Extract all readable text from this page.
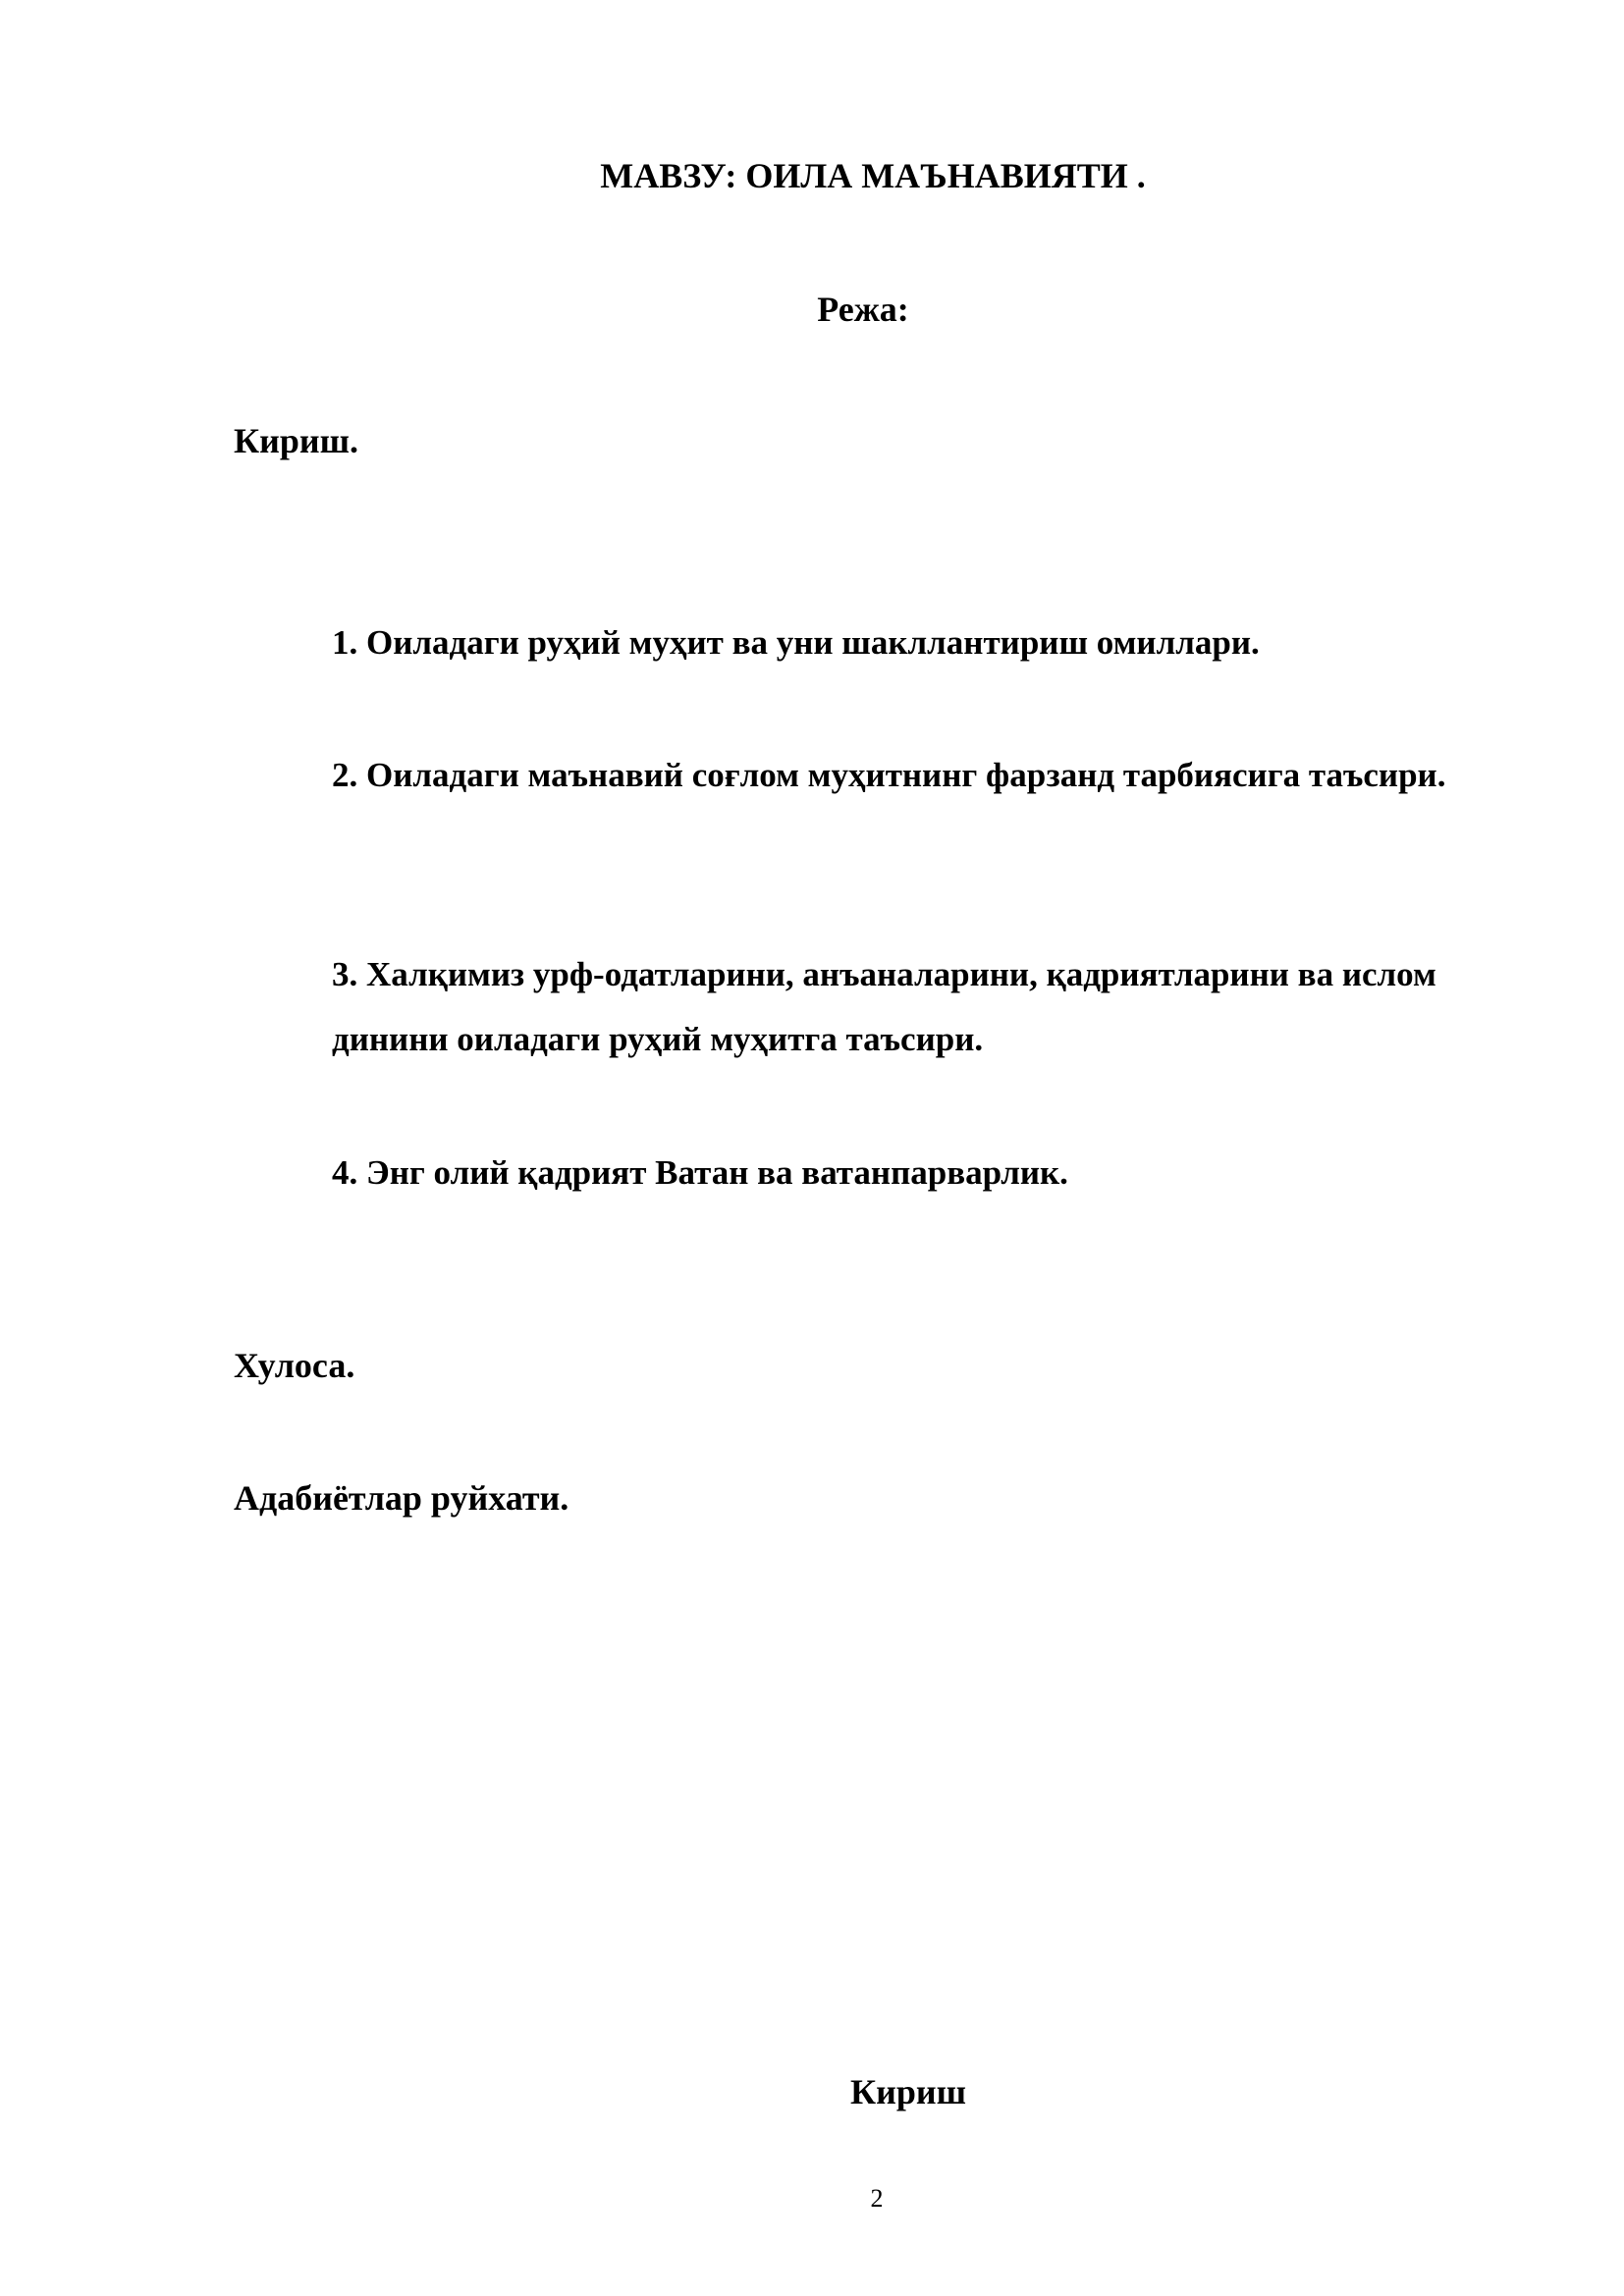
МАВЗУ: ОИЛА МАЪНАВИЯТИ .
Режа:

Кириш.

1. Оиладаги руҳий муҳит ва уни шакллантириш омиллари.

2. Оиладаги маънавий соғлом муҳитнинг фарзанд тарбиясига таъсири.

3. Халқимиз урф-одатларини, анъаналарини, қадриятларини ва ислом динини оиладаги руҳий муҳитга таъсири.

4. Энг олий қадрият Ватан ва ватанпарварлик.

Хулоса.

Адабиётлар руйхати.

Кириш
2
